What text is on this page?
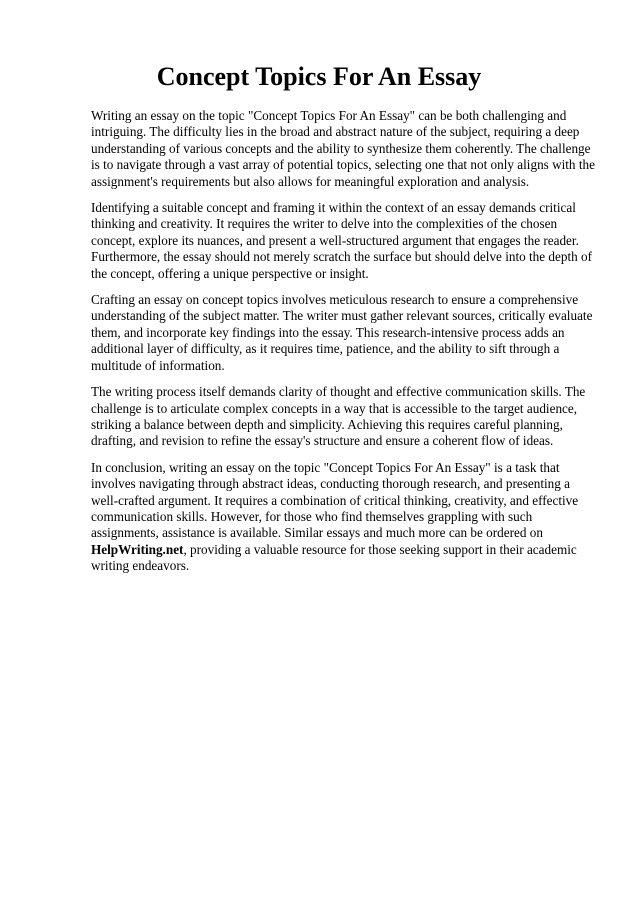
Concept Topics For An Essay

Writing an essay on the topic "Concept Topics For An Essay" can be both challenging and intriguing. The difficulty lies in the broad and abstract nature of the subject, requiring a deep understanding of various concepts and the ability to synthesize them coherently. The challenge is to navigate through a vast array of potential topics, selecting one that not only aligns with the assignment's requirements but also allows for meaningful exploration and analysis.

Identifying a suitable concept and framing it within the context of an essay demands critical thinking and creativity. It requires the writer to delve into the complexities of the chosen concept, explore its nuances, and present a well-structured argument that engages the reader. Furthermore, the essay should not merely scratch the surface but should delve into the depth of the concept, offering a unique perspective or insight.

Crafting an essay on concept topics involves meticulous research to ensure a comprehensive understanding of the subject matter. The writer must gather relevant sources, critically evaluate them, and incorporate key findings into the essay. This research-intensive process adds an additional layer of difficulty, as it requires time, patience, and the ability to sift through a multitude of information.

The writing process itself demands clarity of thought and effective communication skills. The challenge is to articulate complex concepts in a way that is accessible to the target audience, striking a balance between depth and simplicity. Achieving this requires careful planning, drafting, and revision to refine the essay's structure and ensure a coherent flow of ideas.

In conclusion, writing an essay on the topic "Concept Topics For An Essay" is a task that involves navigating through abstract ideas, conducting thorough research, and presenting a well-crafted argument. It requires a combination of critical thinking, creativity, and effective communication skills. However, for those who find themselves grappling with such assignments, assistance is available. Similar essays and much more can be ordered on HelpWriting.net, providing a valuable resource for those seeking support in their academic writing endeavors.
